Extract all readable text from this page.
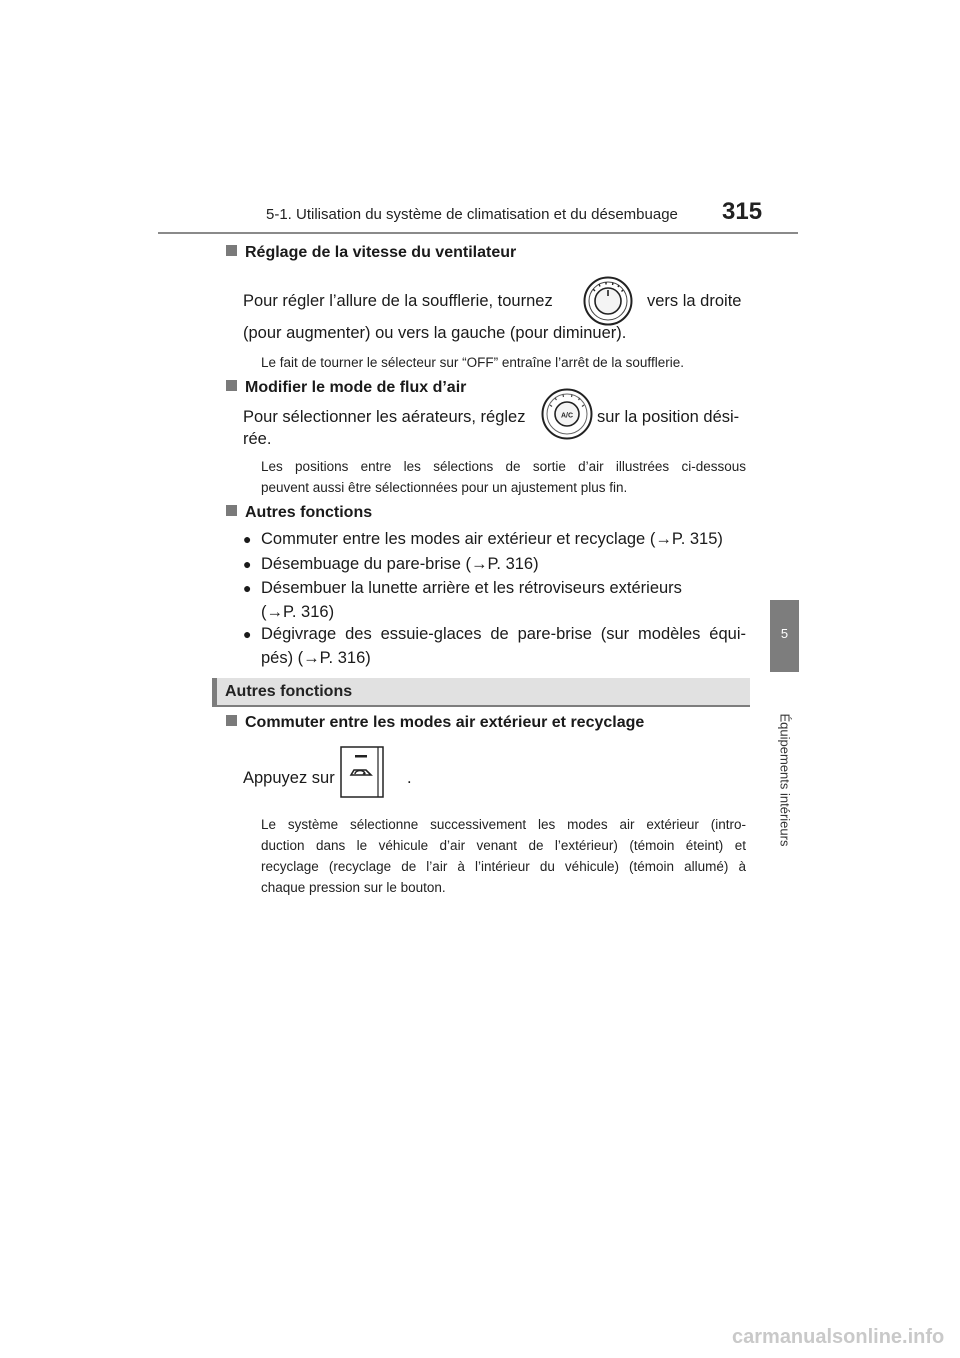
5-1. Utilisation du système de climatisation et du désembuage 315
5
Équipements intérieurs
Réglage de la vitesse du ventilateur
Pour régler l’allure de la soufflerie, tournez	vers la droite
(pour augmenter) ou vers la gauche (pour diminuer).
Le fait de tourner le sélecteur sur “OFF” entraîne l’arrêt de la soufflerie.
Modifier le mode de flux d’air
Pour sélectionner les aérateurs, réglez	A/C sur la position dési-
rée.
Les positions entre les sélections de sortie d’air illustrées ci-dessous
peuvent aussi être sélectionnées pour un ajustement plus fin.
Autres fonctions
● Commuter entre les modes air extérieur et recyclage (→P. 315)
● Désembuage du pare-brise (→P. 316)
● Désembuer la lunette arrière et les rétroviseurs extérieurs
(→P. 316)
● Dégivrage des essuie-glaces de pare-brise (sur modèles équi-
pés) (→P. 316)
Autres fonctions
Commuter entre les modes air extérieur et recyclage
Appuyez sur	.
Le système sélectionne successivement les modes air extérieur (intro-
duction dans le véhicule d’air venant de l’extérieur) (témoin éteint) et
recyclage (recyclage de l’air à l’intérieur du véhicule) (témoin allumé) à
chaque pression sur le bouton.
carmanualsonline.info
